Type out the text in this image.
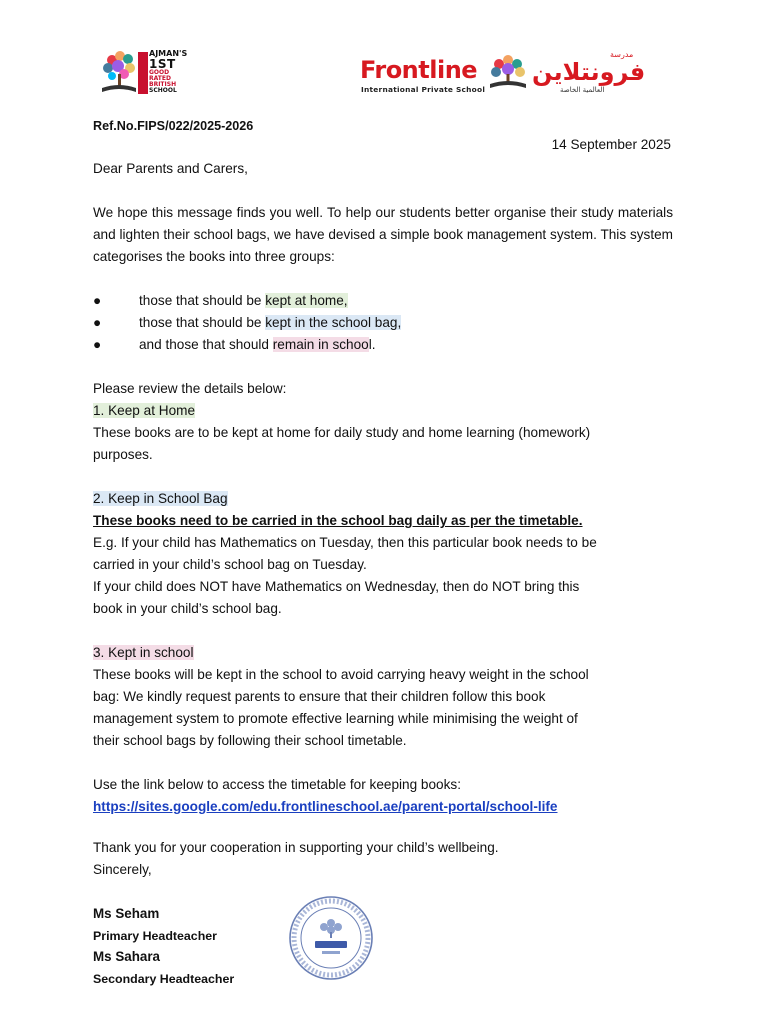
AJMAN'S
1ST
GOOD
RATED
BRITISH
SCHOOL
Frontline
International Private School
مدرسة
فرونتلاين
العالمية الخاصة
Ref.No.FIPS/022/2025-2026
14 September 2025
Dear Parents and Carers,
We hope this message finds you well. To help our students better organise their study materials and lighten their school bags, we have devised a simple book management system. This system categorises the books into three groups:
●	those that should be kept at home,
●	those that should be kept in the school bag,
●	and those that should remain in school.
Please review the details below:
1. Keep at Home
These books are to be kept at home for daily study and home learning (homework)
purposes.
2. Keep in School Bag
These books need to be carried in the school bag daily as per the timetable.
E.g. If your child has Mathematics on Tuesday, then this particular book needs to be
carried in your child’s school bag on Tuesday.
If your child does NOT have Mathematics on Wednesday, then do NOT bring this
book in your child’s school bag.
3. Kept in school
These books will be kept in the school to avoid carrying heavy weight in the school
bag: We kindly request parents to ensure that their children follow this book
management system to promote effective learning while minimising the weight of
their school bags by following their school timetable.
Use the link below to access the timetable for keeping books:
https://sites.google.com/edu.frontlineschool.ae/parent-portal/school-life
Thank you for your cooperation in supporting your child’s wellbeing.
Sincerely,
Ms Seham
Primary Headteacher
Ms Sahara
Secondary Headteacher
